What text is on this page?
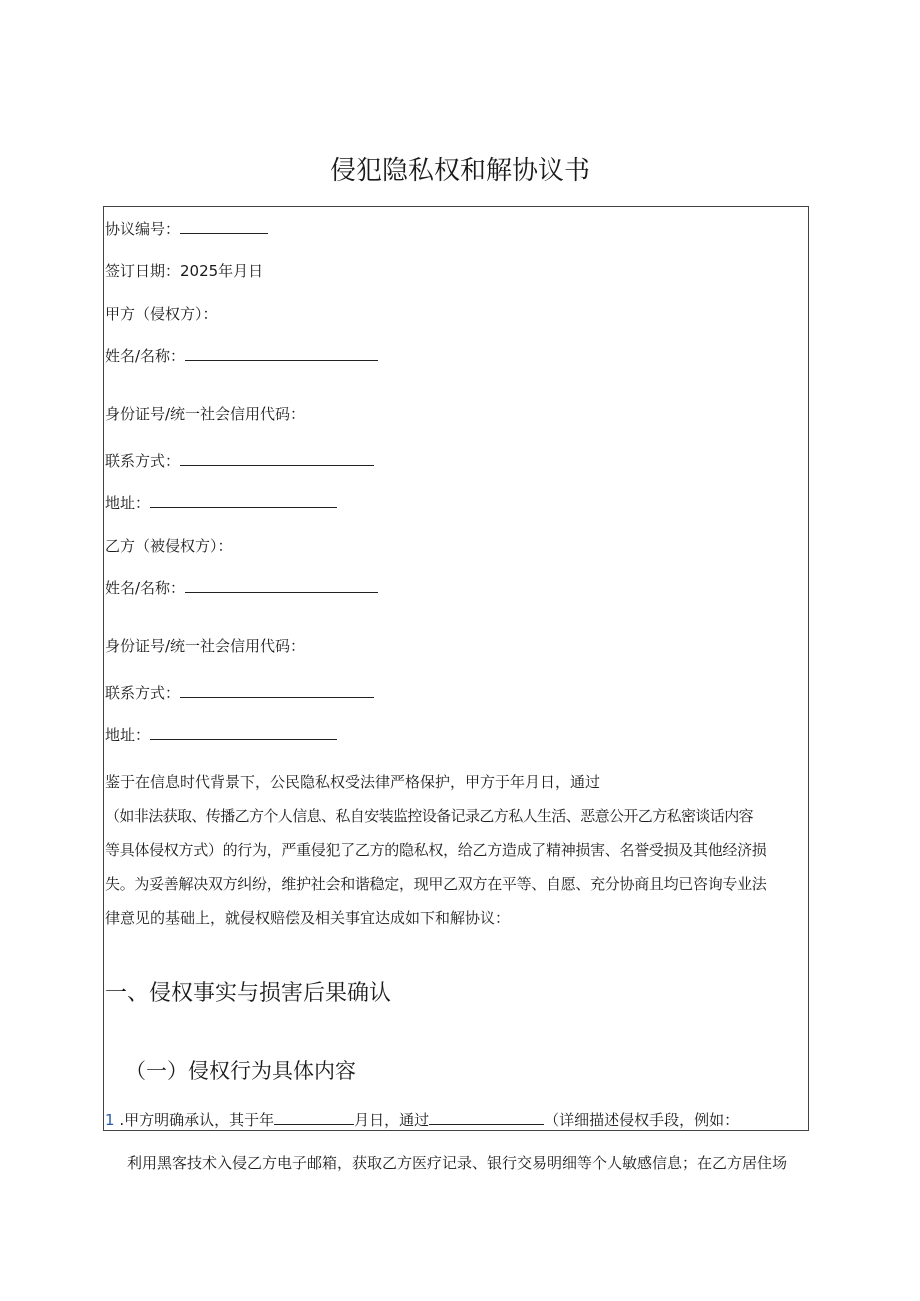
侵犯隐私权和解协议书
协议编号：
签订日期：2025年月日
甲方（侵权方）：
姓名/名称：
身份证号/统一社会信用代码：
联系方式：
地址：
乙方（被侵权方）：
姓名/名称：
身份证号/统一社会信用代码：
联系方式：
地址：
鉴于在信息时代背景下，公民隐私权受法律严格保护，甲方于年月日，通过
（如非法获取、传播乙方个人信息、私自安装监控设备记录乙方私人生活、恶意公开乙方私密谈话内容
等具体侵权方式）的行为，严重侵犯了乙方的隐私权，给乙方造成了精神损害、名誉受损及其他经济损
失。为妥善解决双方纠纷，维护社会和谐稳定，现甲乙双方在平等、自愿、充分协商且均已咨询专业法
律意见的基础上，就侵权赔偿及相关事宜达成如下和解协议：
一、侵权事实与损害后果确认
（一）侵权行为具体内容
1 .甲方明确承认，其于年	月日，通过	（详细描述侵权手段，例如：
利用黑客技术入侵乙方电子邮箱，获取乙方医疗记录、银行交易明细等个人敏感信息；在乙方居住场
